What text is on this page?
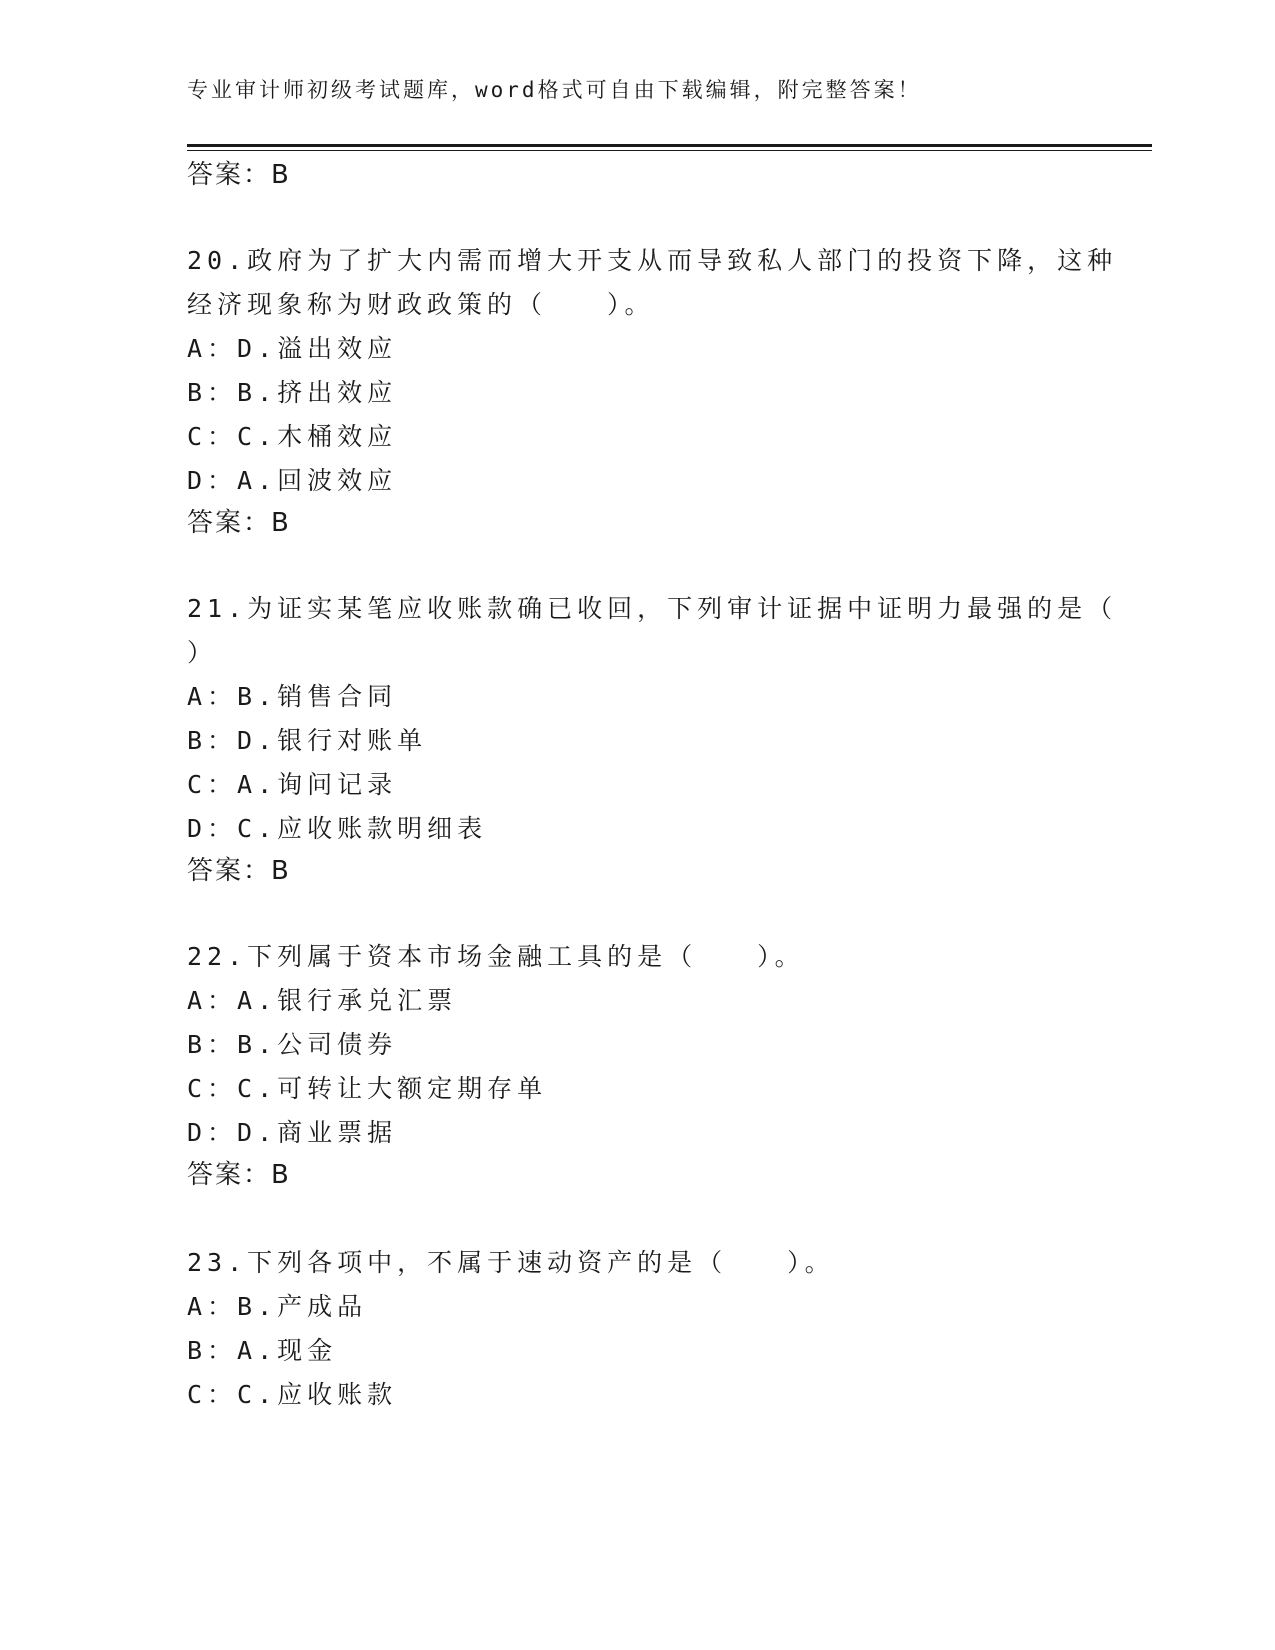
专业审计师初级考试题库，word格式可自由下载编辑，附完整答案！
答案：B
20.政府为了扩大内需而增大开支从而导致私人部门的投资下降，这种
经济现象称为财政政策的（　　）。
A：D.溢出效应
B：B.挤出效应
C：C.木桶效应
D：A.回波效应
答案：B
21.为证实某笔应收账款确已收回，下列审计证据中证明力最强的是（
）
A：B.销售合同
B：D.银行对账单
C：A.询问记录
D：C.应收账款明细表
答案：B
22.下列属于资本市场金融工具的是（　　）。
A：A.银行承兑汇票
B：B.公司债券
C：C.可转让大额定期存单
D：D.商业票据
答案：B
23.下列各项中，不属于速动资产的是（　　）。
A：B.产成品
B：A.现金
C：C.应收账款
